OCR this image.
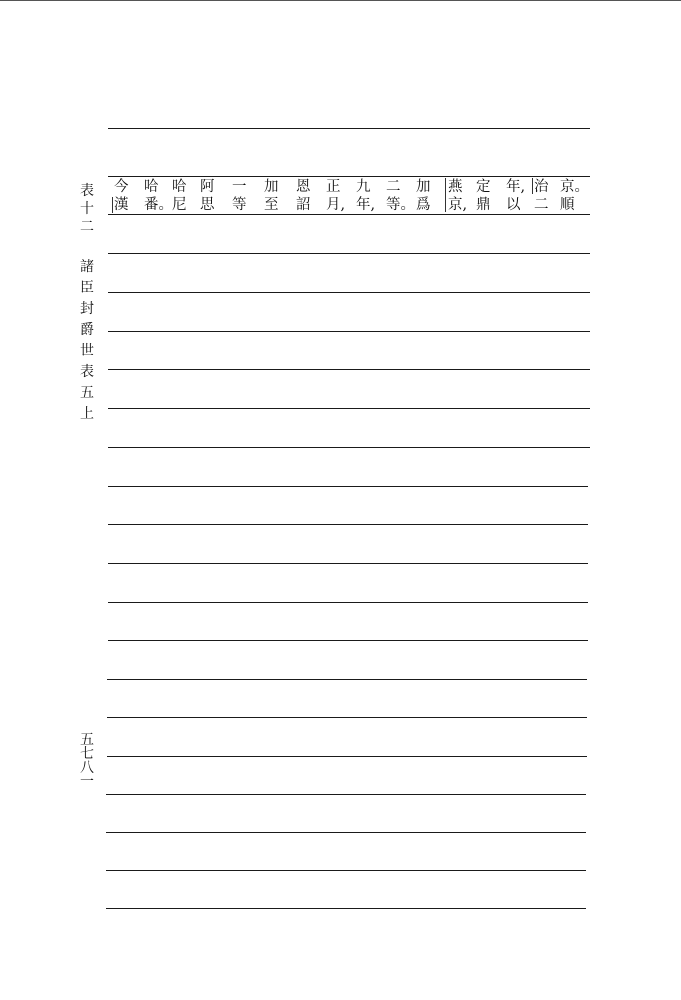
表
十
二
諸
臣
封
爵
世
表
五
上
五
七
八
一
京。
順
治
二
年,
以
定
鼎
燕
京,
加
爲
二
等。
九
年,
正
月,
恩
詔
加
至
一
等
阿
思
哈
尼
哈
番。
今
漢
